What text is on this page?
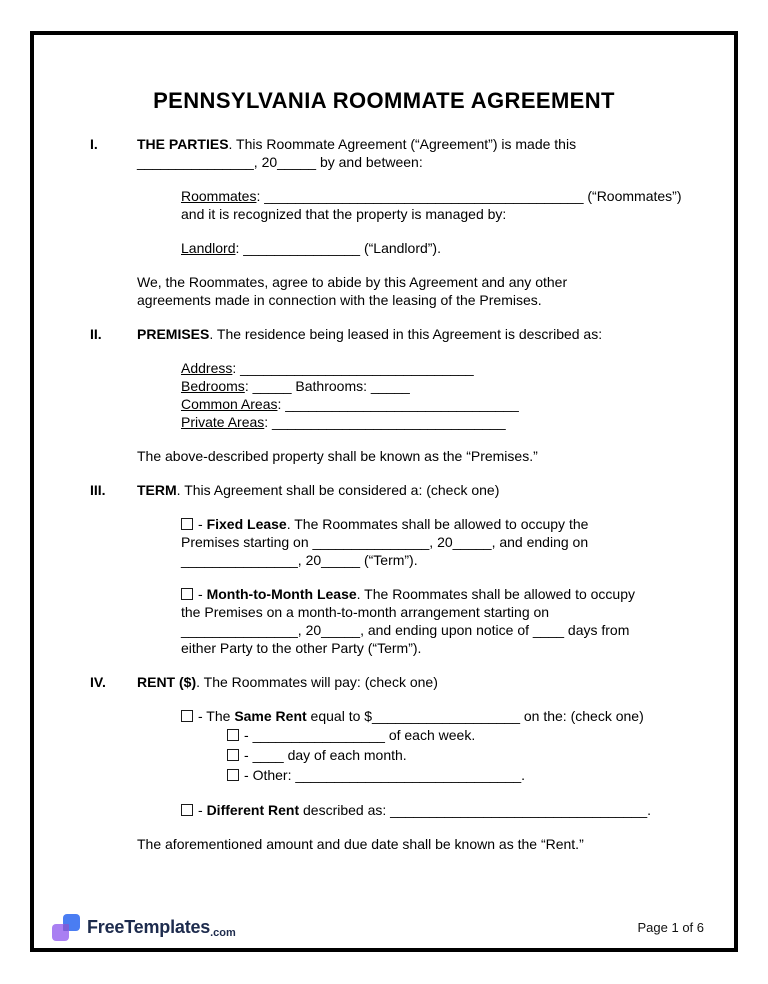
PENNSYLVANIA ROOMMATE AGREEMENT
I.	THE PARTIES. This Roommate Agreement (“Agreement”) is made this
_______________, 20_____ by and between:
Roommates: _________________________________________ (“Roommates”)
and it is recognized that the property is managed by:
Landlord: _______________ (“Landlord”).
We, the Roommates, agree to abide by this Agreement and any other
agreements made in connection with the leasing of the Premises.
II.	PREMISES. The residence being leased in this Agreement is described as:
Address: ______________________________
Bedrooms: _____ Bathrooms: _____
Common Areas: ______________________________
Private Areas: ______________________________
The above-described property shall be known as the “Premises.”
III.	TERM. This Agreement shall be considered a: (check one)
- Fixed Lease. The Roommates shall be allowed to occupy the
Premises starting on _______________, 20_____, and ending on
_______________, 20_____ (“Term”).
- Month-to-Month Lease. The Roommates shall be allowed to occupy
the Premises on a month-to-month arrangement starting on
_______________, 20_____, and ending upon notice of ____ days from
either Party to the other Party (“Term”).
IV.	RENT ($). The Roommates will pay: (check one)
- The Same Rent equal to $___________________ on the: (check one)
- _________________ of each week.
- ____ day of each month.
- Other: _____________________________.
- Different Rent described as: _________________________________.
The aforementioned amount and due date shall be known as the “Rent.”
FreeTemplates .com	Page 1 of 6
